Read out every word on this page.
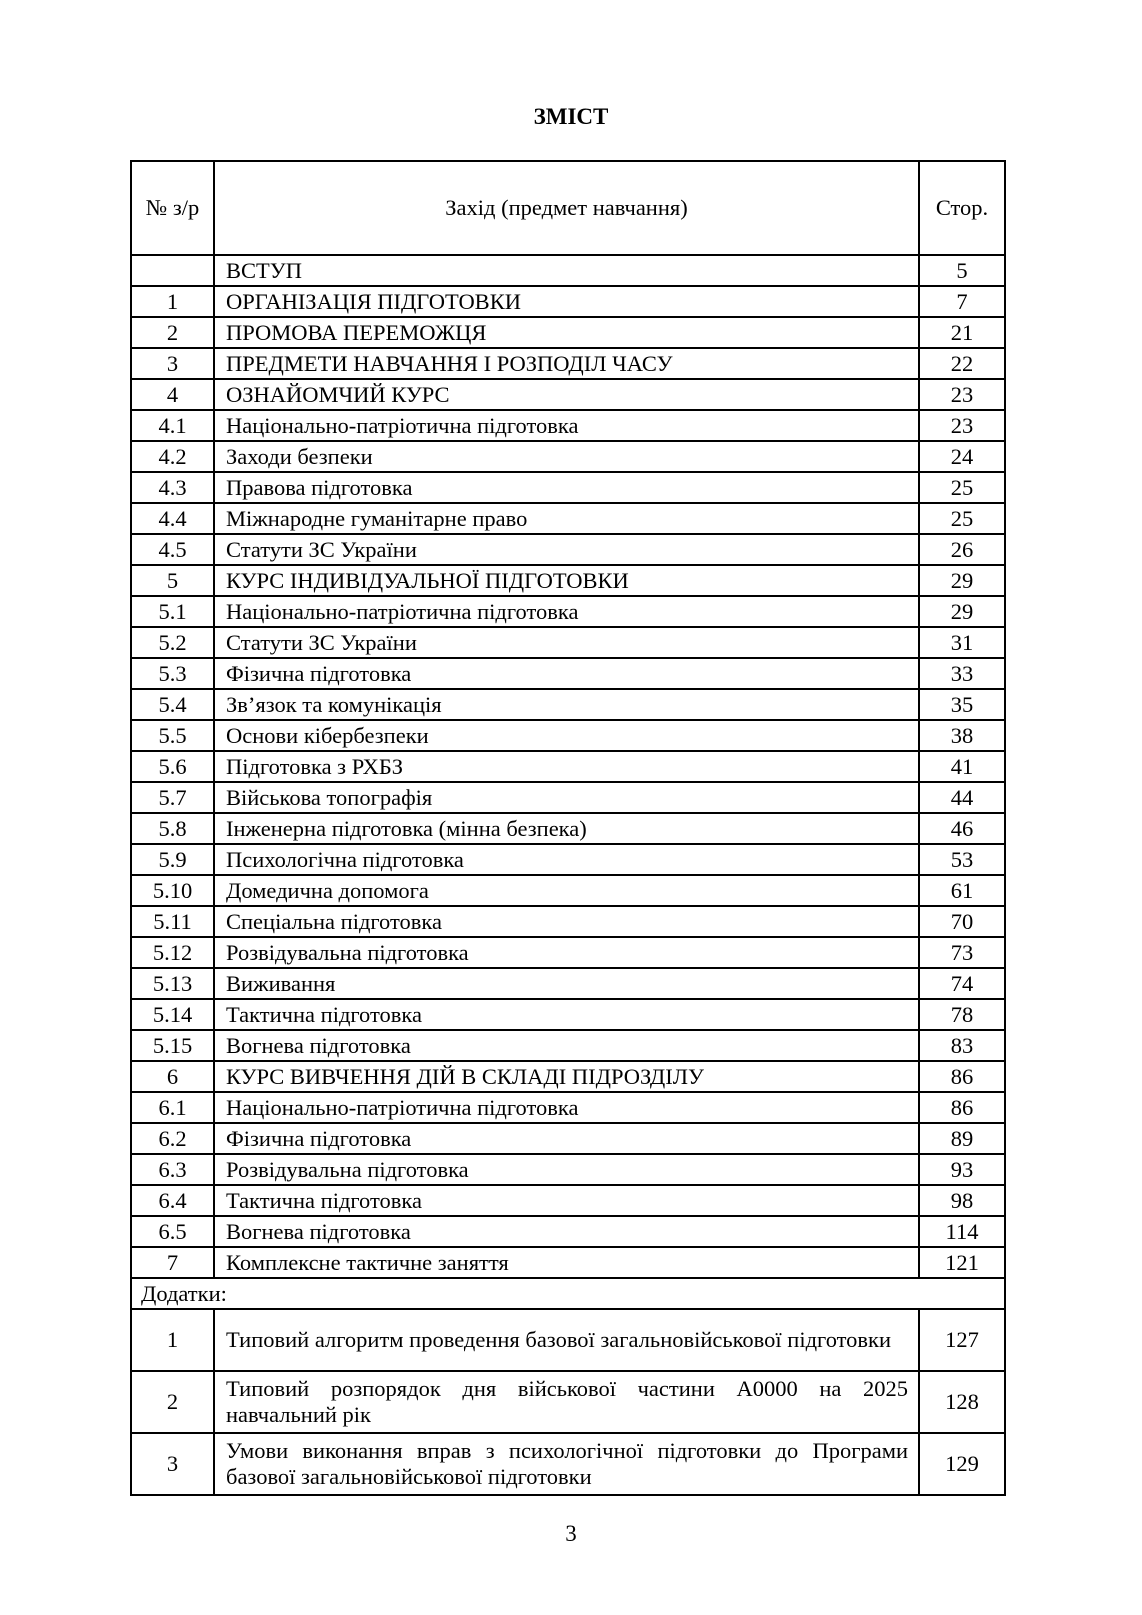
ЗМІСТ
№ з/р	Захід (предмет навчання)	Стор.
	ВСТУП	5
1	ОРГАНІЗАЦІЯ ПІДГОТОВКИ	7
2	ПРОМОВА ПЕРЕМОЖЦЯ	21
3	ПРЕДМЕТИ НАВЧАННЯ І РОЗПОДІЛ ЧАСУ	22
4	ОЗНАЙОМЧИЙ КУРС	23
4.1	Національно-патріотична підготовка	23
4.2	Заходи безпеки	24
4.3	Правова підготовка	25
4.4	Міжнародне гуманітарне право	25
4.5	Статути ЗС України	26
5	КУРС ІНДИВІДУАЛЬНОЇ ПІДГОТОВКИ	29
5.1	Національно-патріотична підготовка	29
5.2	Статути ЗС України	31
5.3	Фізична підготовка	33
5.4	Зв’язок та комунікація	35
5.5	Основи кібербезпеки	38
5.6	Підготовка з РХБЗ	41
5.7	Військова топографія	44
5.8	Інженерна підготовка (мінна безпека)	46
5.9	Психологічна підготовка	53
5.10	Домедична допомога	61
5.11	Спеціальна підготовка	70
5.12	Розвідувальна підготовка	73
5.13	Виживання	74
5.14	Тактична підготовка	78
5.15	Вогнева підготовка	83
6	КУРС ВИВЧЕННЯ ДІЙ В СКЛАДІ ПІДРОЗДІЛУ	86
6.1	Національно-патріотична підготовка	86
6.2	Фізична підготовка	89
6.3	Розвідувальна підготовка	93
6.4	Тактична підготовка	98
6.5	Вогнева підготовка	114
7	Комплексне тактичне заняття	121
Додатки:		
1	Типовий алгоритм проведення базової загальновійськової підготовки	127
2	Типовий розпорядок дня військової частини А0000 на 2025 навчальний рік	128
3	Умови виконання вправ з психологічної підготовки до Програми базової загальновійськової підготовки	129
3
